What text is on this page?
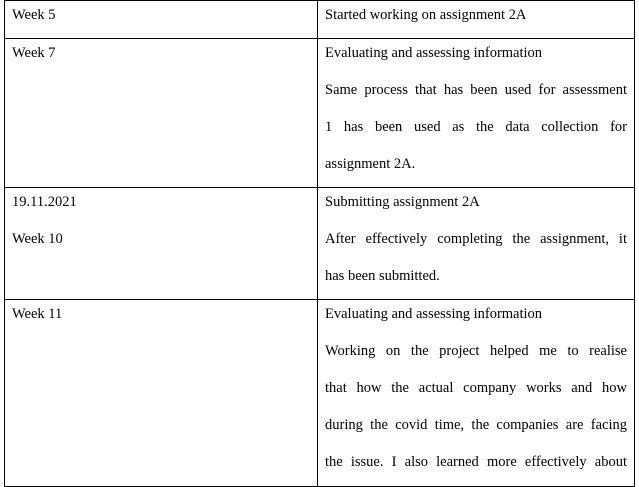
Week 5	Started working on assignment 2A

Week 7	Evaluating and assessing information
Same process that has been used for assessment
1 has been used as the data collection for
assignment 2A.

19.11.2021
Week 10	Submitting assignment 2A
After effectively completing the assignment, it
has been submitted.

Week 11	Evaluating and assessing information
Working on the project helped me to realise
that how the actual company works and how
during the covid time, the companies are facing
the issue. I also learned more effectively about
